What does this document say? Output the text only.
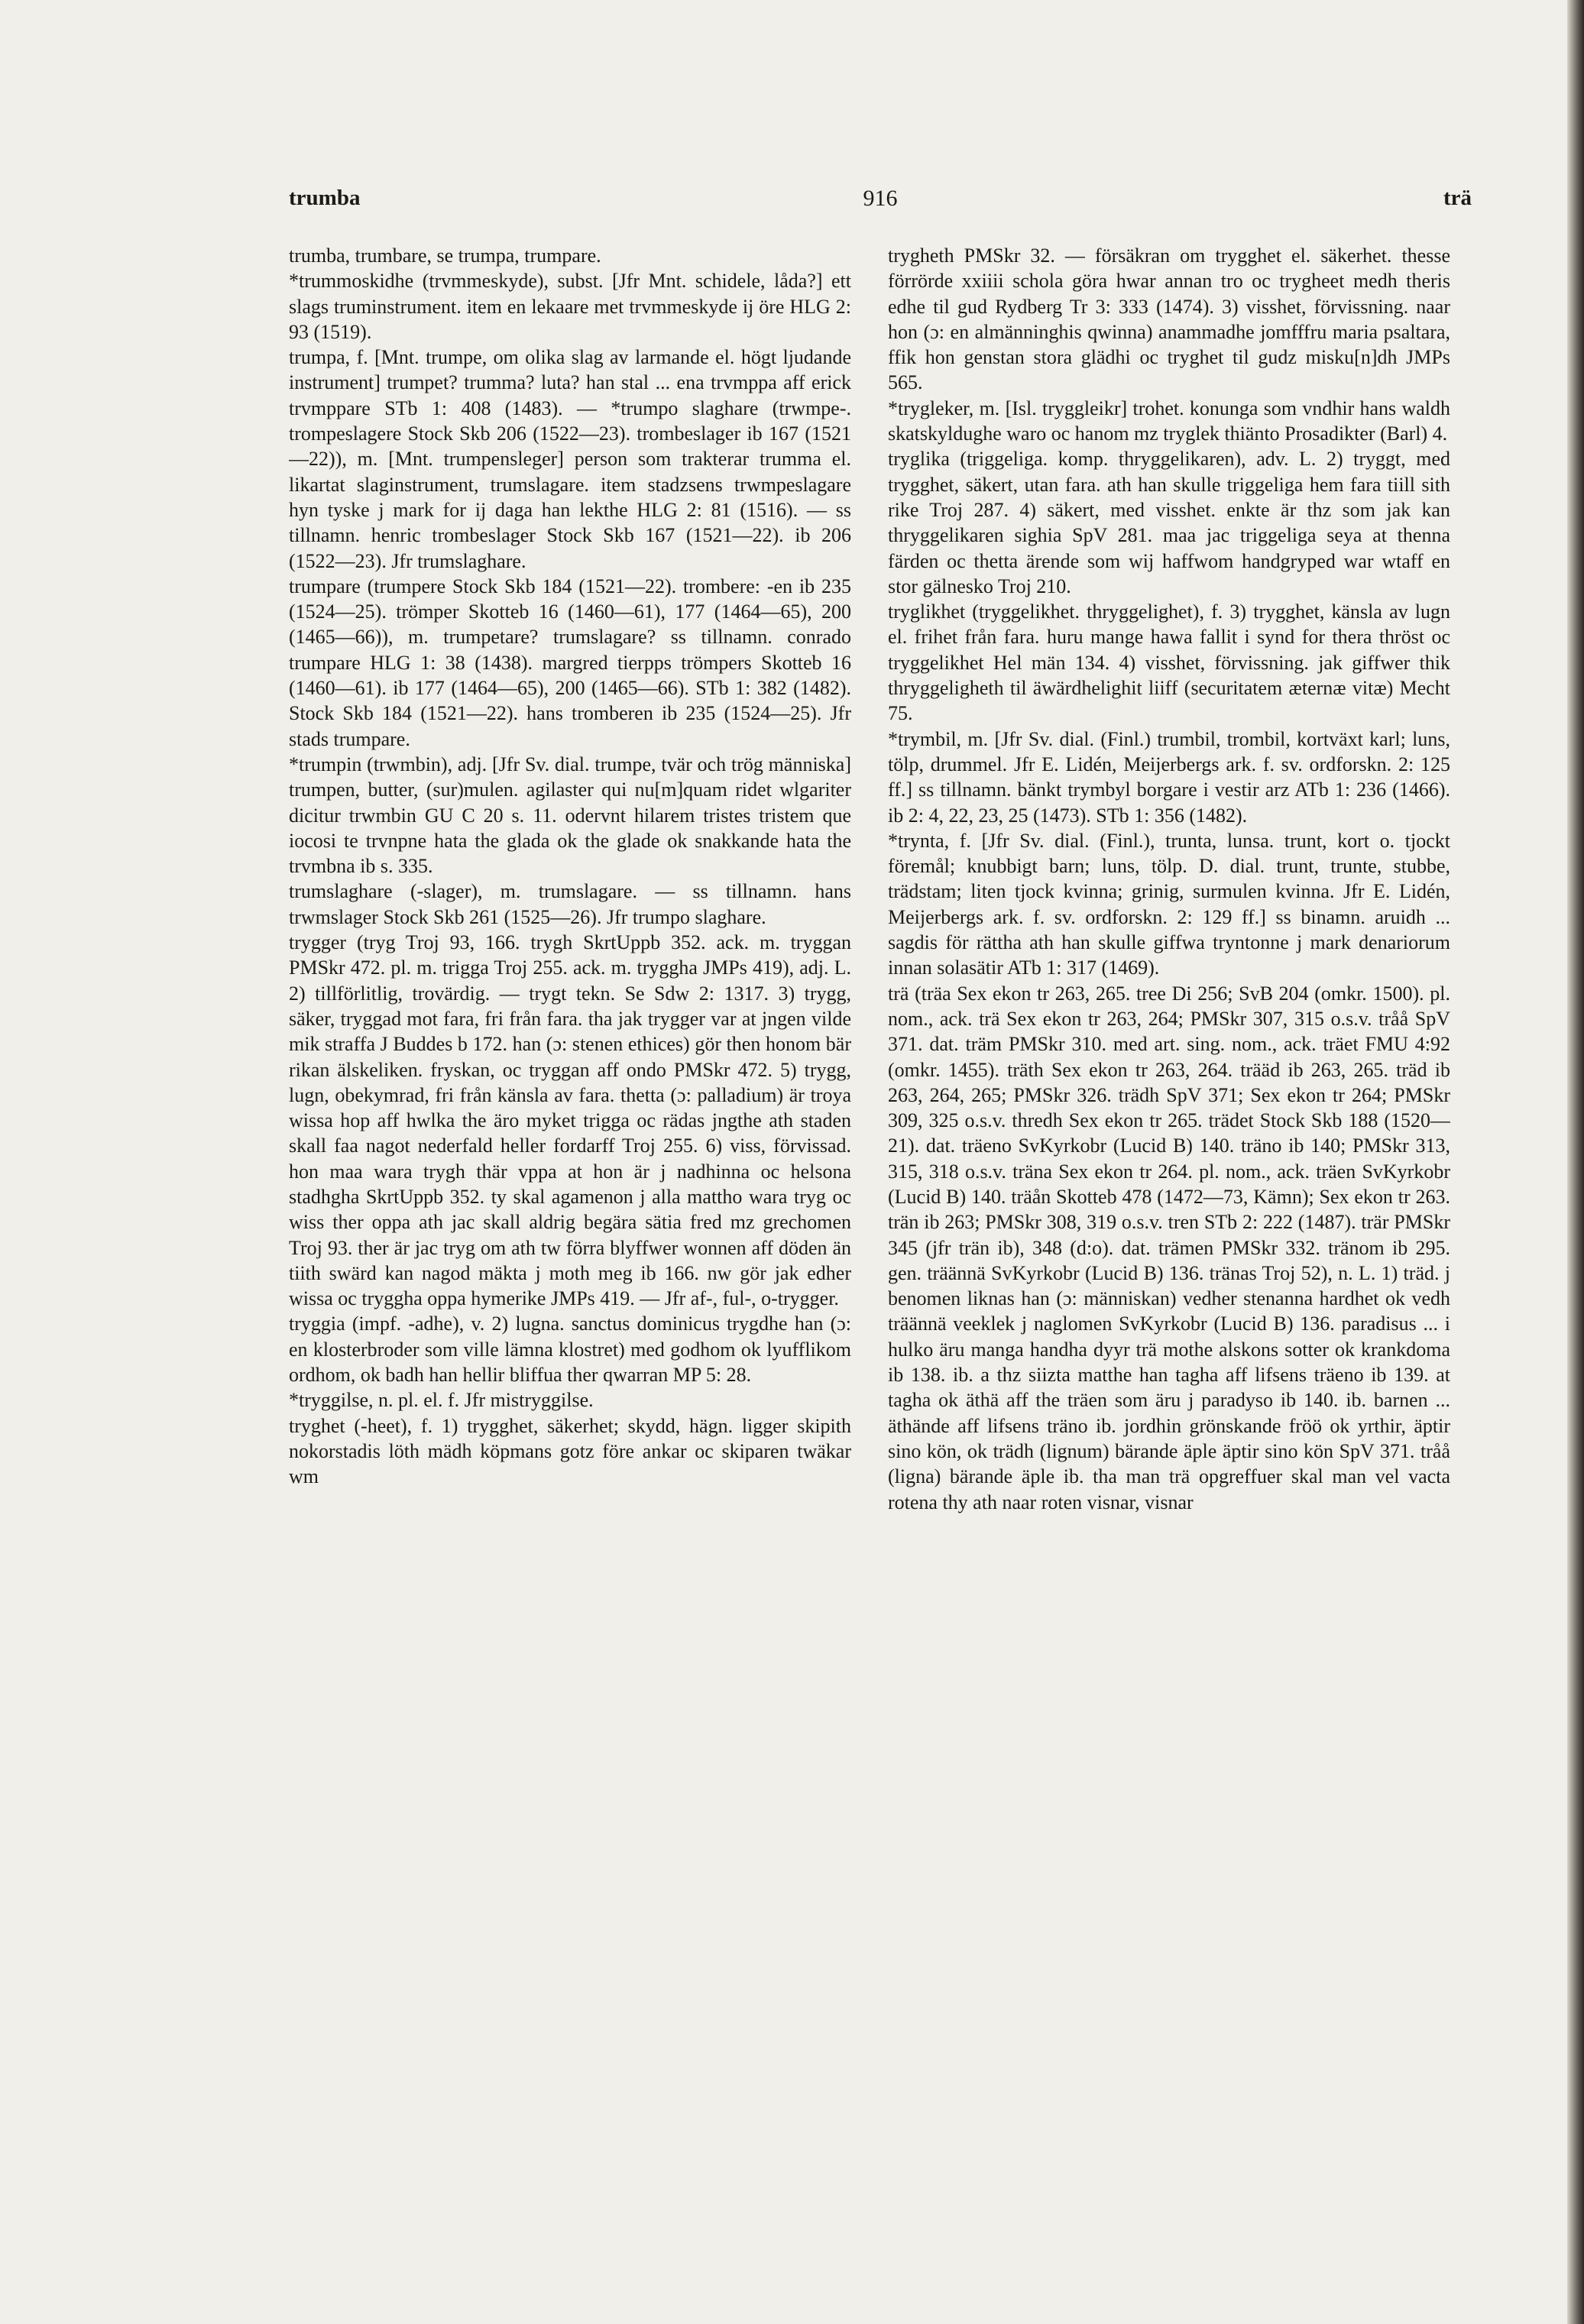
trumba	916	trä

trumba, trumbare, se trumpa, trumpare.

*trummoskidhe (trvmmeskyde), subst. [Jfr Mnt. schidele, låda?] ett slags truminstrument. item en lekaare met trvmmeskyde ij öre HLG 2: 93 (1519).

trumpa, f. [Mnt. trumpe, om olika slag av larmande el. högt ljudande instrument] trumpet? trumma? luta? han stal ... ena trvmppa aff erick trvmppare STb 1: 408 (1483). — *trumpo slaghare (trwmpe-. trompeslagere Stock Skb 206 (1522—23). trombeslager ib 167 (1521—22)), m. [Mnt. trumpensleger] person som trakterar trumma el. likartat slaginstrument, trumslagare. item stadzsens trwmpeslagare hyn tyske j mark for ij daga han lekthe HLG 2: 81 (1516). — ss tillnamn. henric trombeslager Stock Skb 167 (1521—22). ib 206 (1522—23). Jfr trumslaghare.

trumpare (trumpere Stock Skb 184 (1521—22). trombere: -en ib 235 (1524—25). trömper Skotteb 16 (1460—61), 177 (1464—65), 200 (1465—66)), m. trumpetare? trumslagare? ss tillnamn. conrado trumpare HLG 1: 38 (1438). margred tierpps trömpers Skotteb 16 (1460—61). ib 177 (1464—65), 200 (1465—66). STb 1: 382 (1482). Stock Skb 184 (1521—22). hans tromberen ib 235 (1524—25). Jfr stads trumpare.

*trumpin (trwmbin), adj. [Jfr Sv. dial. trumpe, tvär och trög människa] trumpen, butter, (sur)mulen. agilaster qui nu[m]quam ridet wlgariter dicitur trwmbin GU C 20 s. 11. odervnt hilarem tristes tristem que iocosi te trvnpne hata the glada ok the glade ok snakkande hata the trvmbna ib s. 335.

trumslaghare (-slager), m. trumslagare. — ss tillnamn. hans trwmslager Stock Skb 261 (1525—26). Jfr trumpo slaghare.

trygger (tryg Troj 93, 166. trygh SkrtUppb 352. ack. m. tryggan PMSkr 472. pl. m. trigga Troj 255. ack. m. tryggha JMPs 419), adj. L. 2) tillförlitlig, trovärdig. — trygt tekn. Se Sdw 2: 1317. 3) trygg, säker, tryggad mot fara, fri från fara. tha jak trygger var at jngen vilde mik straffa J Buddes b 172. han (ɔ: stenen ethices) gör then honom bär rikan älskeliken. fryskan, oc tryggan aff ondo PMSkr 472. 5) trygg, lugn, obekymrad, fri från känsla av fara. thetta (ɔ: palladium) är troya wissa hop aff hwlka the äro myket trigga oc rädas jngthe ath staden skall faa nagot nederfald heller fordarff Troj 255. 6) viss, förvissad. hon maa wara trygh thär vppa at hon är j nadhinna oc helsona stadhgha SkrtUppb 352. ty skal agamenon j alla mattho wara tryg oc wiss ther oppa ath jac skall aldrig begära sätia fred mz grechomen Troj 93. ther är jac tryg om ath tw förra blyffwer wonnen aff döden än tiith swärd kan nagod mäkta j moth meg ib 166. nw gör jak edher wissa oc tryggha oppa hymerike JMPs 419. — Jfr af-, ful-, o-trygger.

tryggia (impf. -adhe), v. 2) lugna. sanctus dominicus trygdhe han (ɔ: en klosterbroder som ville lämna klostret) med godhom ok lyufflikom ordhom, ok badh han hellir bliffua ther qwarran MP 5: 28.

*tryggilse, n. pl. el. f. Jfr mistryggilse.

tryghet (-heet), f. 1) trygghet, säkerhet; skydd, hägn. ligger skipith nokorstadis löth mädh köpmans gotz före ankar oc skiparen twäkar wm

trygheth PMSkr 32. — försäkran om trygghet el. säkerhet. thesse förrörde xxiiii schola göra hwar annan tro oc trygheet medh theris edhe til gud Rydberg Tr 3: 333 (1474). 3) visshet, förvissning. naar hon (ɔ: en almänninghis qwinna) anammadhe jomfffru maria psaltara, ffik hon genstan stora glädhi oc tryghet til gudz misku[n]dh JMPs 565.

*trygleker, m. [Isl. tryggleikr] trohet. konunga som vndhir hans waldh skatskyldughe waro oc hanom mz tryglek thiänto Prosadikter (Barl) 4.

tryglika (triggeliga. komp. thryggelikaren), adv. L. 2) tryggt, med trygghet, säkert, utan fara. ath han skulle triggeliga hem fara tiill sith rike Troj 287. 4) säkert, med visshet. enkte är thz som jak kan thryggelikaren sighia SpV 281. maa jac triggeliga seya at thenna färden oc thetta ärende som wij haffwom handgryped war wtaff en stor gälnesko Troj 210.

tryglikhet (tryggelikhet. thryggelighet), f. 3) trygghet, känsla av lugn el. frihet från fara. huru mange hawa fallit i synd for thera thröst oc tryggelikhet Hel män 134. 4) visshet, förvissning. jak giffwer thik thryggeligheth til äwärdhelighit liiff (securitatem æternæ vitæ) Mecht 75.

*trymbil, m. [Jfr Sv. dial. (Finl.) trumbil, trombil, kortväxt karl; luns, tölp, drummel. Jfr E. Lidén, Meijerbergs ark. f. sv. ordforskn. 2: 125 ff.] ss tillnamn. bänkt trymbyl borgare i vestir arz ATb 1: 236 (1466). ib 2: 4, 22, 23, 25 (1473). STb 1: 356 (1482).

*trynta, f. [Jfr Sv. dial. (Finl.), trunta, lunsa. trunt, kort o. tjockt föremål; knubbigt barn; luns, tölp. D. dial. trunt, trunte, stubbe, trädstam; liten tjock kvinna; grinig, surmulen kvinna. Jfr E. Lidén, Meijerbergs ark. f. sv. ordforskn. 2: 129 ff.] ss binamn. aruidh ... sagdis för rättha ath han skulle giffwa tryntonne j mark denariorum innan solasätir ATb 1: 317 (1469).

trä (träa Sex ekon tr 263, 265. tree Di 256; SvB 204 (omkr. 1500). pl. nom., ack. trä Sex ekon tr 263, 264; PMSkr 307, 315 o.s.v. tråå SpV 371. dat. träm PMSkr 310. med art. sing. nom., ack. träet FMU 4:92 (omkr. 1455). träth Sex ekon tr 263, 264. trääd ib 263, 265. träd ib 263, 264, 265; PMSkr 326. trädh SpV 371; Sex ekon tr 264; PMSkr 309, 325 o.s.v. thredh Sex ekon tr 265. trädet Stock Skb 188 (1520—21). dat. träeno SvKyrkobr (Lucid B) 140. träno ib 140; PMSkr 313, 315, 318 o.s.v. träna Sex ekon tr 264. pl. nom., ack. träen SvKyrkobr (Lucid B) 140. träån Skotteb 478 (1472—73, Kämn); Sex ekon tr 263. trän ib 263; PMSkr 308, 319 o.s.v. tren STb 2: 222 (1487). trär PMSkr 345 (jfr trän ib), 348 (d:o). dat. trämen PMSkr 332. tränom ib 295. gen. träännä SvKyrkobr (Lucid B) 136. tränas Troj 52), n. L. 1) träd. j benomen liknas han (ɔ: människan) vedher stenanna hardhet ok vedh träännä veeklek j naglomen SvKyrkobr (Lucid B) 136. paradisus ... i hulko äru manga handha dyyr trä mothe alskons sotter ok krankdoma ib 138. ib. a thz siizta matthe han tagha aff lifsens träeno ib 139. at tagha ok äthä aff the träen som äru j paradyso ib 140. ib. barnen ... äthände aff lifsens träno ib. jordhin grönskande fröö ok yrthir, äptir sino kön, ok trädh (lignum) bärande äple äptir sino kön SpV 371. tråå (ligna) bärande äple ib. tha man trä opgreffuer skal man vel vacta rotena thy ath naar roten visnar, visnar
